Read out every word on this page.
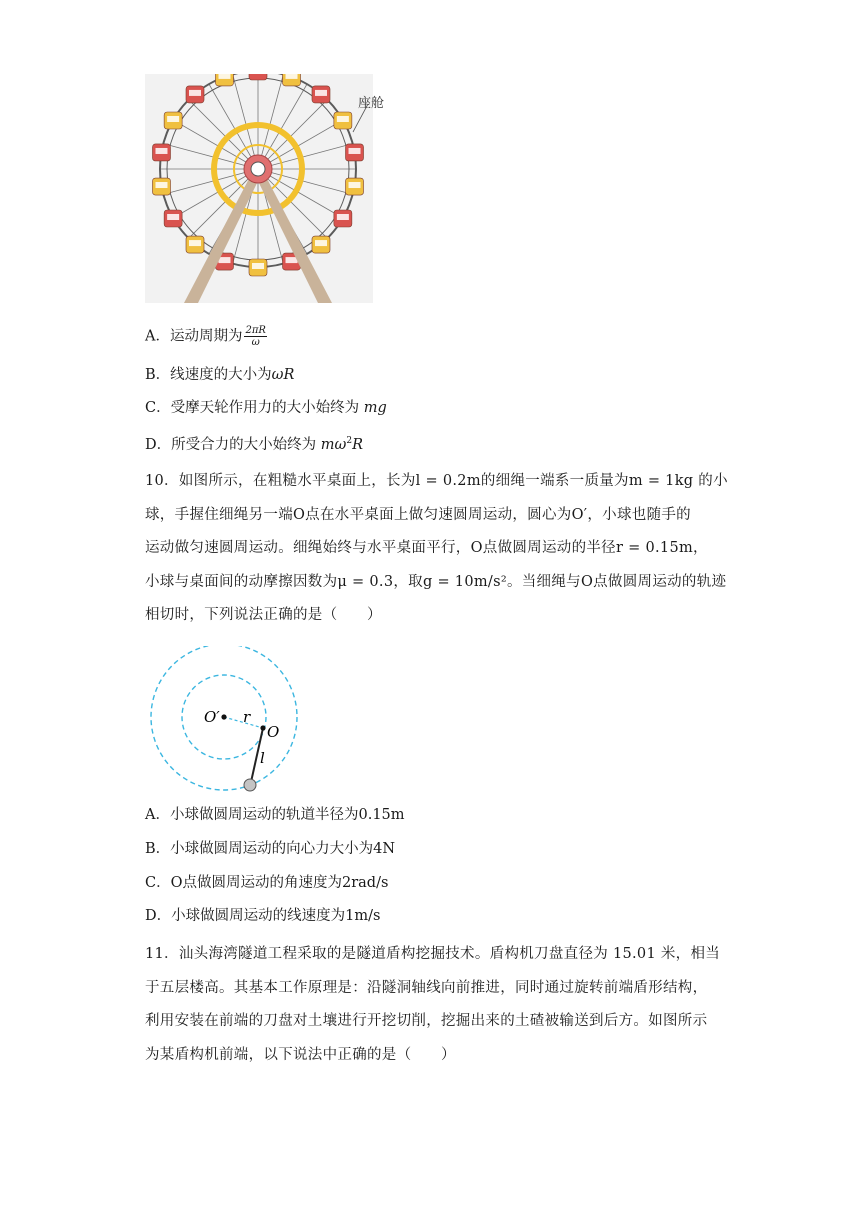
座舱
A．运动周期为 $\frac{2\pi R}{\omega}$
B．线速度的大小为ωR
C．受摩天轮作用力的大小始终为 mg
D．所受合力的大小始终为 $m\omega^2R$

10．如图所示，在粗糙水平桌面上，长为l = 0.2m的细绳一端系一质量为m = 1kg 的小

球，手握住细绳另一端O点在水平桌面上做匀速圆周运动，圆心为O′，小球也随手的

运动做匀速圆周运动。细绳始终与水平桌面平行，O点做圆周运动的半径r = 0.15m，

小球与桌面间的动摩擦因数为μ = 0.3，取g = 10m/s²。当细绳与O点做圆周运动的轨迹

相切时，下列说法正确的是（　　）

O′ r
O
l
A．小球做圆周运动的轨道半径为0.15m
B．小球做圆周运动的向心力大小为4N
C．O点做圆周运动的角速度为2rad/s
D．小球做圆周运动的线速度为1m/s

11．汕头海湾隧道工程采取的是隧道盾构挖掘技术。盾构机刀盘直径为 15.01 米，相当

于五层楼高。其基本工作原理是：沿隧洞轴线向前推进，同时通过旋转前端盾形结构，

利用安装在前端的刀盘对土壤进行开挖切削，挖掘出来的土碴被输送到后方。如图所示

为某盾构机前端，以下说法中正确的是（　　）
